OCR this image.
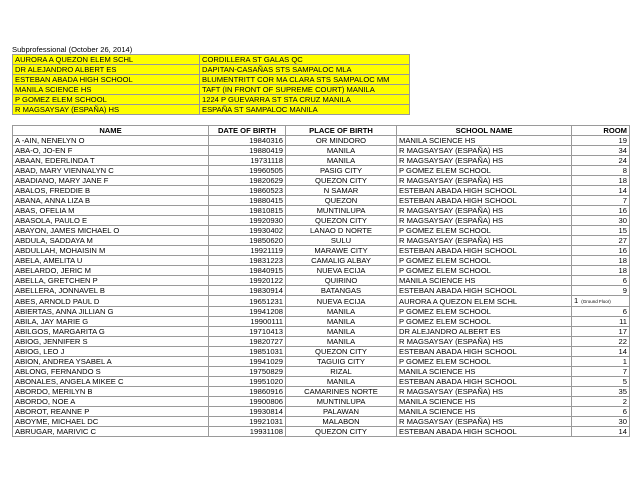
Subprofessional (October 26, 2014)
AURORA A QUEZON ELEM SCHL	CORDILLERA ST GALAS QC
DR ALEJANDRO ALBERT ES	DAPITAN-CASAÑAS STS SAMPALOC MLA
ESTEBAN ABADA HIGH SCHOOL	BLUMENTRITT COR MA CLARA STS SAMPALOC MM
MANILA SCIENCE HS	TAFT (IN FRONT OF SUPREME COURT) MANILA
P GOMEZ ELEM SCHOOL	1224 P GUEVARRA ST STA CRUZ MANILA
R MAGSAYSAY (ESPAÑA) HS	ESPAÑA ST SAMPALOC MANILA
NAME	DATE OF BIRTH	PLACE OF BIRTH	SCHOOL NAME	ROOM
A -AIN, NENELYN O	19840316	OR MINDORO	MANILA SCIENCE HS	19
ABA-O, JO-EN F	19880419	MANILA	R MAGSAYSAY (ESPAÑA) HS	34
ABAAN, EDERLINDA T	19731118	MANILA	R MAGSAYSAY (ESPAÑA) HS	24
ABAD, MARY VIENNALYN C	19960505	PASIG CITY	P GOMEZ ELEM SCHOOL	8
ABADIANO, MARY JANE F	19820629	QUEZON CITY	R MAGSAYSAY (ESPAÑA) HS	18
ABALOS, FREDDIE B	19860523	N SAMAR	ESTEBAN ABADA HIGH SCHOOL	14
ABANA, ANNA LIZA B	19880415	QUEZON	ESTEBAN ABADA HIGH SCHOOL	7
ABAS, OFELIA M	19810815	MUNTINLUPA	R MAGSAYSAY (ESPAÑA) HS	16
ABASOLA, PAULO E	19920930	QUEZON CITY	R MAGSAYSAY (ESPAÑA) HS	30
ABAYON, JAMES MICHAEL O	19930402	LANAO D NORTE	P GOMEZ ELEM SCHOOL	15
ABDULA, SADDAYA M	19850620	SULU	R MAGSAYSAY (ESPAÑA) HS	27
ABDULLAH, MOHAISIN M	19921119	MARAWE CITY	ESTEBAN ABADA HIGH SCHOOL	16
ABELA, AMELITA U	19831223	CAMALIG ALBAY	P GOMEZ ELEM SCHOOL	18
ABELARDO, JERIC M	19840915	NUEVA ECIJA	P GOMEZ ELEM SCHOOL	18
ABELLA, GRETCHEN P	19920122	QUIRINO	MANILA SCIENCE HS	6
ABELLERA, JONNAVEL B	19830914	BATANGAS	ESTEBAN ABADA HIGH SCHOOL	9
ABES, ARNOLD PAUL D	19651231	NUEVA ECIJA	AURORA A QUEZON ELEM SCHL	1 (Ground Floor)
ABIERTAS, ANNA JILLIAN G	19941208	MANILA	P GOMEZ ELEM SCHOOL	6
ABILA, JAY MARIE G	19900111	MANILA	P GOMEZ ELEM SCHOOL	11
ABILGOS, MARGARITA G	19710413	MANILA	DR ALEJANDRO ALBERT ES	17
ABIOG, JENNIFER S	19820727	MANILA	R MAGSAYSAY (ESPAÑA) HS	22
ABIOG, LEO J	19851031	QUEZON CITY	ESTEBAN ABADA HIGH SCHOOL	14
ABION, ANDREA YSABEL A	19941029	TAGUIG CITY	P GOMEZ ELEM SCHOOL	1
ABLONG, FERNANDO S	19750829	RIZAL	MANILA SCIENCE HS	7
ABONALES, ANGELA MIKEE C	19951020	MANILA	ESTEBAN ABADA HIGH SCHOOL	5
ABORDO, MERILYN B	19860916	CAMARINES NORTE	R MAGSAYSAY (ESPAÑA) HS	35
ABORDO, NOE A	19900806	MUNTINLUPA	MANILA SCIENCE HS	2
ABOROT, REANNE P	19930814	PALAWAN	MANILA SCIENCE HS	6
ABOYME, MICHAEL DC	19921031	MALABON	R MAGSAYSAY (ESPAÑA) HS	30
ABRUGAR, MARIVIC C	19931108	QUEZON CITY	ESTEBAN ABADA HIGH SCHOOL	14
